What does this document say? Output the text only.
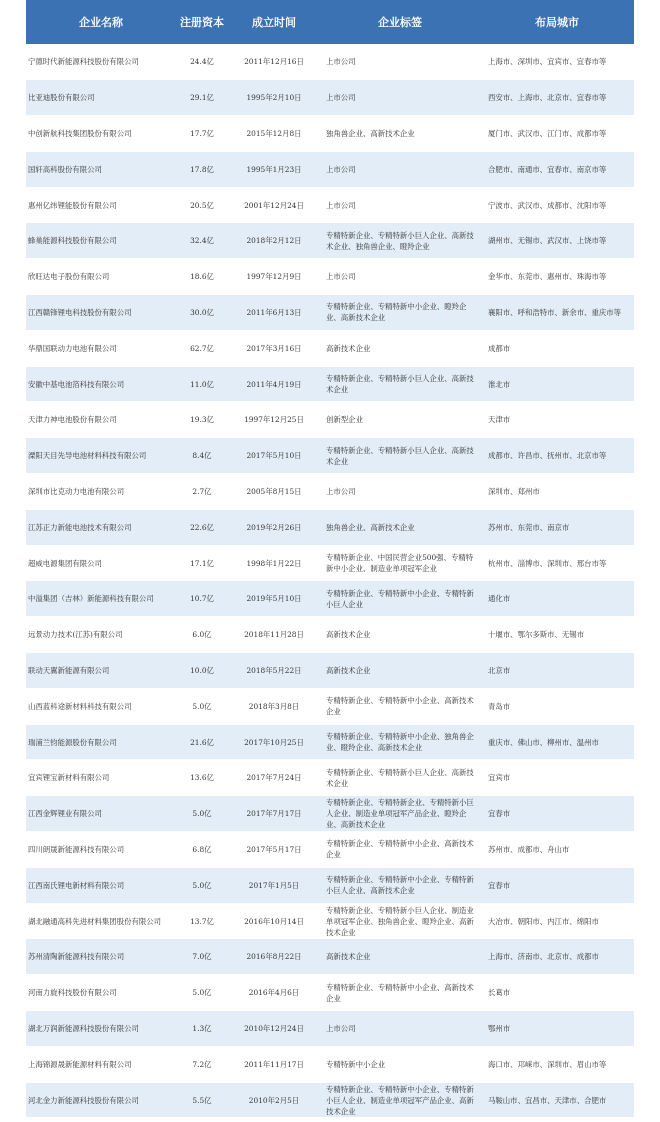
企业名称	注册资本	成立时间	企业标签	布局城市
宁德时代新能源科技股份有限公司	24.4亿	2011年12月16日	上市公司	上海市、深圳市、宜宾市、宜春市等
比亚迪股份有限公司	29.1亿	1995年2月10日	上市公司	西安市、上海市、北京市、宜春市等
中创新航科技集团股份有限公司	17.7亿	2015年12月8日	独角兽企业、高新技术企业	厦门市、武汉市、江门市、成都市等
国轩高科股份有限公司	17.8亿	1995年1月23日	上市公司	合肥市、南通市、宜春市、南京市等
惠州亿纬锂能股份有限公司	20.5亿	2001年12月24日	上市公司	宁波市、武汉市、成都市、沈阳市等
蜂巢能源科技股份有限公司	32.4亿	2018年2月12日	专精特新企业、专精特新小巨人企业、高新技术企业、独角兽企业、瞪羚企业	湖州市、无锡市、武汉市、上饶市等
欣旺达电子股份有限公司	18.6亿	1997年12月9日	上市公司	金华市、东莞市、惠州市、珠海市等
江西赣锋锂电科技股份有限公司	30.0亿	2011年6月13日	专精特新企业、专精特新中小企业、瞪羚企业、高新技术企业	襄阳市、呼和浩特市、新余市、重庆市等
华鼎国联动力电池有限公司	62.7亿	2017年3月16日	高新技术企业	成都市
安徽中基电池箔科技有限公司	11.0亿	2011年4月19日	专精特新企业、专精特新小巨人企业、高新技术企业	淮北市
天津力神电池股份有限公司	19.3亿	1997年12月25日	创新型企业	天津市
溧阳天目先导电池材料科技有限公司	8.4亿	2017年5月10日	专精特新企业、专精特新小巨人企业、高新技术企业	成都市、许昌市、抚州市、北京市等
深圳市比克动力电池有限公司	2.7亿	2005年8月15日	上市公司	深圳市、郑州市
江苏正力新能电池技术有限公司	22.6亿	2019年2月26日	独角兽企业、高新技术企业	苏州市、东莞市、南京市
超威电源集团有限公司	17.1亿	1998年1月22日	专精特新企业、中国民营企业500强、专精特新中小企业、制造业单项冠军企业	杭州市、淄博市、深圳市、邢台市等
中溢集团（吉林）新能源科技有限公司	10.7亿	2019年5月10日	专精特新企业、专精特新中小企业、专精特新小巨人企业	通化市
远景动力技术(江苏)有限公司	6.0亿	2018年11月28日	高新技术企业	十堰市、鄂尔多斯市、无锡市
联动天翼新能源有限公司	10.0亿	2018年5月22日	高新技术企业	北京市
山西蓝科途新材料科技有限公司	5.0亿	2018年3月8日	专精特新企业、专精特新中小企业、高新技术企业	青岛市
瑞浦兰钧能源股份有限公司	21.6亿	2017年10月25日	专精特新企业、专精特新中小企业、独角兽企业、瞪羚企业、高新技术企业	重庆市、佛山市、柳州市、温州市
宜宾锂宝新材料有限公司	13.6亿	2017年7月24日	专精特新企业、专精特新小巨人企业、高新技术企业	宜宾市
江西金辉锂业有限公司	5.0亿	2017年7月17日	专精特新企业、专精特新企业、专精特新小巨人企业、制造业单项冠军产品企业、瞪羚企业、高新技术企业	宜春市
四川朗晟新能源科技有限公司	6.8亿	2017年5月17日	专精特新企业、专精特新中小企业、高新技术企业	苏州市、成都市、舟山市
江西南氏锂电新材料有限公司	5.0亿	2017年1月5日	专精特新企业、专精特新中小企业、专精特新小巨人企业、高新技术企业	宜春市
湖北融通高科先进材料集团股份有限公司	13.7亿	2016年10月14日	专精特新企业、专精特新小巨人企业、制造业单项冠军企业、独角兽企业、瞪羚企业、高新技术企业	大冶市、朝阳市、内江市、绵阳市
苏州清陶新能源科技有限公司	7.0亿	2016年8月22日	高新技术企业	上海市、济南市、北京市、成都市
河南力旋科技股份有限公司	5.0亿	2016年4月6日	专精特新企业、专精特新中小企业、高新技术企业	长葛市
湖北万润新能源科技股份有限公司	1.3亿	2010年12月24日	上市公司	鄂州市
上海锦源晟新能源材料有限公司	7.2亿	2011年11月17日	专精特新中小企业	海口市、邛崃市、深圳市、眉山市等
河北金力新能源科技股份有限公司	5.5亿	2010年2月5日	专精特新企业、专精特新中小企业、专精特新小巨人企业、制造业单项冠军产品企业、高新技术企业	马鞍山市、宜昌市、天津市、合肥市
